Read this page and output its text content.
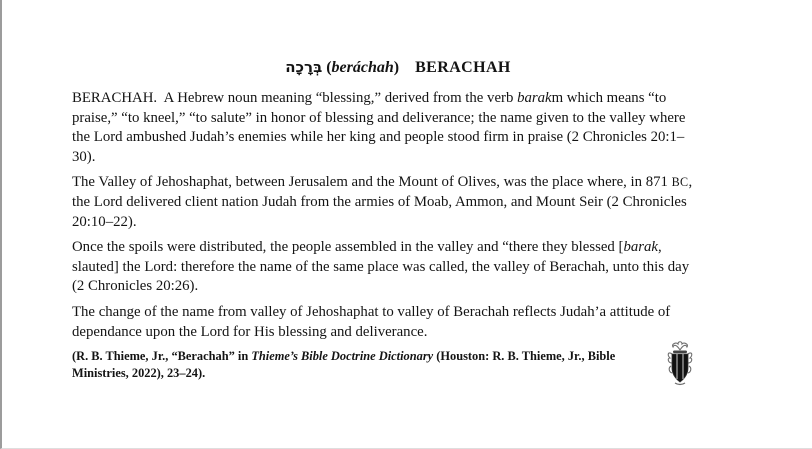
בְּרָכָה (beráchah) BERACHAH

BERACHAH.  A Hebrew noun meaning “blessing,” derived from the verb barakm which means “to praise,” “to kneel,” “to salute” in honor of blessing and deliverance; the name given to the valley where the Lord ambushed Judah’s enemies while her king and people stood firm in praise (2 Chronicles 20:1–30).

The Valley of Jehoshaphat, between Jerusalem and the Mount of Olives, was the place where, in 871 BC, the Lord delivered client nation Judah from the armies of Moab, Ammon, and Mount Seir (2 Chronicles 20:10–22).

Once the spoils were distributed, the people assembled in the valley and “there they blessed [barak, slauted] the Lord: therefore the name of the same place was called, the valley of Berachah, unto this day (2 Chronicles 20:26).

The change of the name from valley of Jehoshaphat to valley of Berachah reflects Judah’a attitude of dependance upon the Lord for His blessing and deliverance.

(R. B. Thieme, Jr., “Berachah” in Thieme’s Bible Doctrine Dictionary (Houston: R. B. Thieme, Jr., Bible Ministries, 2022), 23–24).
